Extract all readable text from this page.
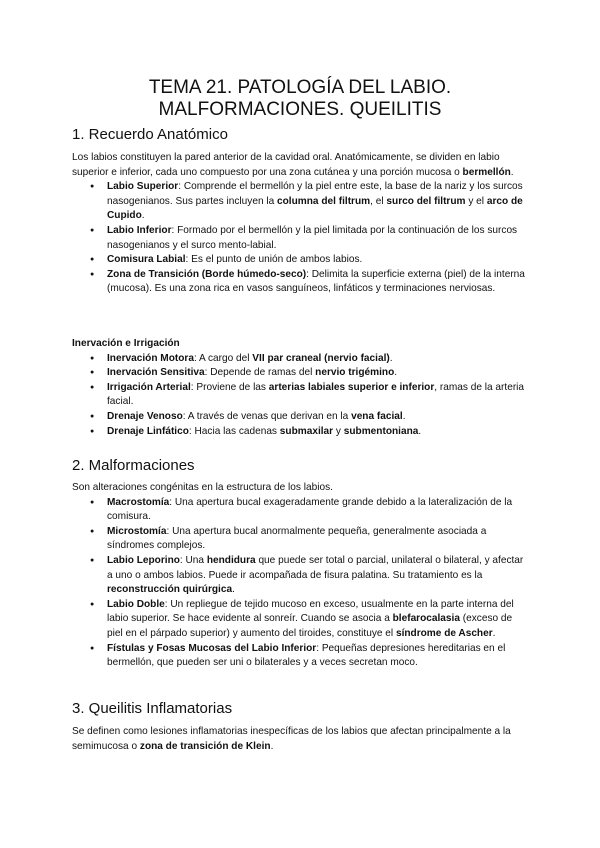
TEMA 21. PATOLOGÍA DEL LABIO.
MALFORMACIONES. QUEILITIS
1. Recuerdo Anatómico

Los labios constituyen la pared anterior de la cavidad oral. Anatómicamente, se dividen en labio superior e inferior, cada uno compuesto por una zona cutánea y una porción mucosa o bermellón.

● Labio Superior: Comprende el bermellón y la piel entre este, la base de la nariz y los surcos nasogenianos. Sus partes incluyen la columna del filtrum, el surco del filtrum y el arco de Cupido.
● Labio Inferior: Formado por el bermellón y la piel limitada por la continuación de los surcos nasogenianos y el surco mento-labial.
● Comisura Labial: Es el punto de unión de ambos labios.
● Zona de Transición (Borde húmedo-seco): Delimita la superficie externa (piel) de la interna (mucosa). Es una zona rica en vasos sanguíneos, linfáticos y terminaciones nerviosas.

Inervación e Irrigación

● Inervación Motora: A cargo del VII par craneal (nervio facial).
● Inervación Sensitiva: Depende de ramas del nervio trigémino.
● Irrigación Arterial: Proviene de las arterias labiales superior e inferior, ramas de la arteria facial.
● Drenaje Venoso: A través de venas que derivan en la vena facial.
● Drenaje Linfático: Hacia las cadenas submaxilar y submentoniana.
2. Malformaciones

Son alteraciones congénitas en la estructura de los labios.

● Macrostomía: Una apertura bucal exageradamente grande debido a la lateralización de la comisura.
● Microstomía: Una apertura bucal anormalmente pequeña, generalmente asociada a síndromes complejos.
● Labio Leporino: Una hendidura que puede ser total o parcial, unilateral o bilateral, y afectar a uno o ambos labios. Puede ir acompañada de fisura palatina. Su tratamiento es la reconstrucción quirúrgica.
● Labio Doble: Un repliegue de tejido mucoso en exceso, usualmente en la parte interna del labio superior. Se hace evidente al sonreír. Cuando se asocia a blefarocalasia (exceso de piel en el párpado superior) y aumento del tiroides, constituye el síndrome de Ascher.
● Fístulas y Fosas Mucosas del Labio Inferior: Pequeñas depresiones hereditarias en el bermellón, que pueden ser uni o bilaterales y a veces secretan moco.
3. Queilitis Inflamatorias

Se definen como lesiones inflamatorias inespecíficas de los labios que afectan principalmente a la semimucosa o zona de transición de Klein.
